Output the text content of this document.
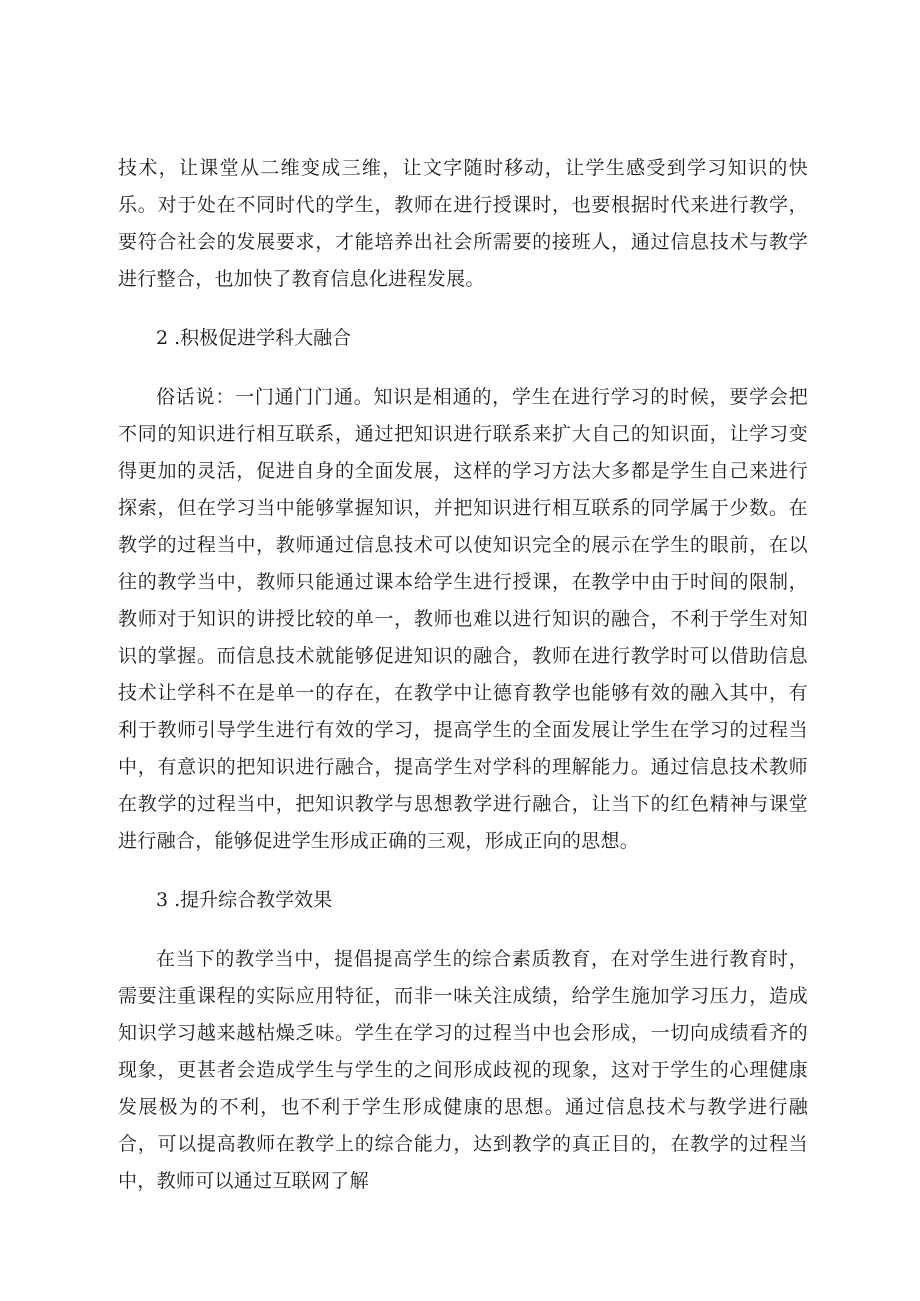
技术，让课堂从二维变成三维，让文字随时移动，让学生感受到学习知识的快乐。对于处在不同时代的学生，教师在进行授课时，也要根据时代来进行教学，要符合社会的发展要求，才能培养出社会所需要的接班人，通过信息技术与教学进行整合，也加快了教育信息化进程发展。

2 .积极促进学科大融合

俗话说：一门通门门通。知识是相通的，学生在进行学习的时候，要学会把不同的知识进行相互联系，通过把知识进行联系来扩大自己的知识面，让学习变得更加的灵活，促进自身的全面发展，这样的学习方法大多都是学生自己来进行探索，但在学习当中能够掌握知识，并把知识进行相互联系的同学属于少数。在教学的过程当中，教师通过信息技术可以使知识完全的展示在学生的眼前，在以往的教学当中，教师只能通过课本给学生进行授课，在教学中由于时间的限制，教师对于知识的讲授比较的单一，教师也难以进行知识的融合，不利于学生对知识的掌握。而信息技术就能够促进知识的融合，教师在进行教学时可以借助信息技术让学科不在是单一的存在，在教学中让德育教学也能够有效的融入其中，有利于教师引导学生进行有效的学习，提高学生的全面发展让学生在学习的过程当中，有意识的把知识进行融合，提高学生对学科的理解能力。通过信息技术教师在教学的过程当中，把知识教学与思想教学进行融合，让当下的红色精神与课堂进行融合，能够促进学生形成正确的三观，形成正向的思想。

3 .提升综合教学效果

在当下的教学当中，提倡提高学生的综合素质教育，在对学生进行教育时，需要注重课程的实际应用特征，而非一味关注成绩，给学生施加学习压力，造成知识学习越来越枯燥乏味。学生在学习的过程当中也会形成，一切向成绩看齐的现象，更甚者会造成学生与学生的之间形成歧视的现象，这对于学生的心理健康发展极为的不利，也不利于学生形成健康的思想。通过信息技术与教学进行融合，可以提高教师在教学上的综合能力，达到教学的真正目的，在教学的过程当中，教师可以通过互联网了解
